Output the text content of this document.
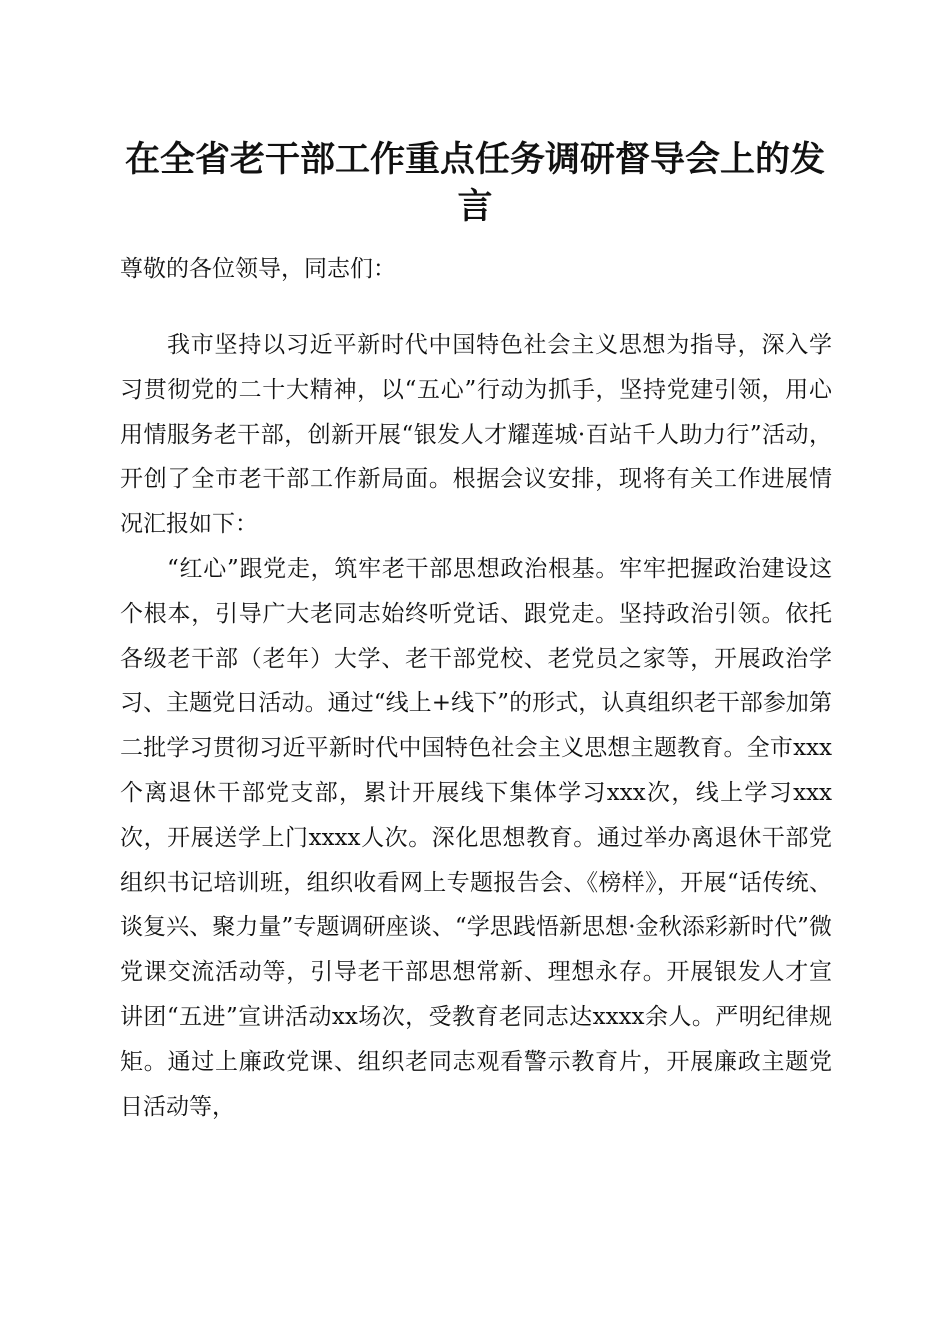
在全省老干部工作重点任务调研督导会上的发
言

尊敬的各位领导，同志们：

我市坚持以习近平新时代中国特色社会主义思想为指导，深入学习贯彻党的二十大精神，以“五心”行动为抓手，坚持党建引领，用心用情服务老干部，创新开展“银发人才耀莲城·百站千人助力行”活动，开创了全市老干部工作新局面。根据会议安排，现将有关工作进展情况汇报如下：

“红心”跟党走，筑牢老干部思想政治根基。牢牢把握政治建设这个根本，引导广大老同志始终听党话、跟党走。坚持政治引领。依托各级老干部（老年）大学、老干部党校、老党员之家等，开展政治学习、主题党日活动。通过“线上+线下”的形式，认真组织老干部参加第二批学习贯彻习近平新时代中国特色社会主义思想主题教育。全市xxx个离退休干部党支部，累计开展线下集体学习xxx次，线上学习xxx次，开展送学上门xxxx人次。深化思想教育。通过举办离退休干部党组织书记培训班，组织收看网上专题报告会、《榜样》，开展“话传统、谈复兴、聚力量”专题调研座谈、“学思践悟新思想·金秋添彩新时代”微党课交流活动等，引导老干部思想常新、理想永存。开展银发人才宣讲团“五进”宣讲活动xx场次，受教育老同志达xxxx余人。严明纪律规矩。通过上廉政党课、组织老同志观看警示教育片，开展廉政主题党日活动等，
